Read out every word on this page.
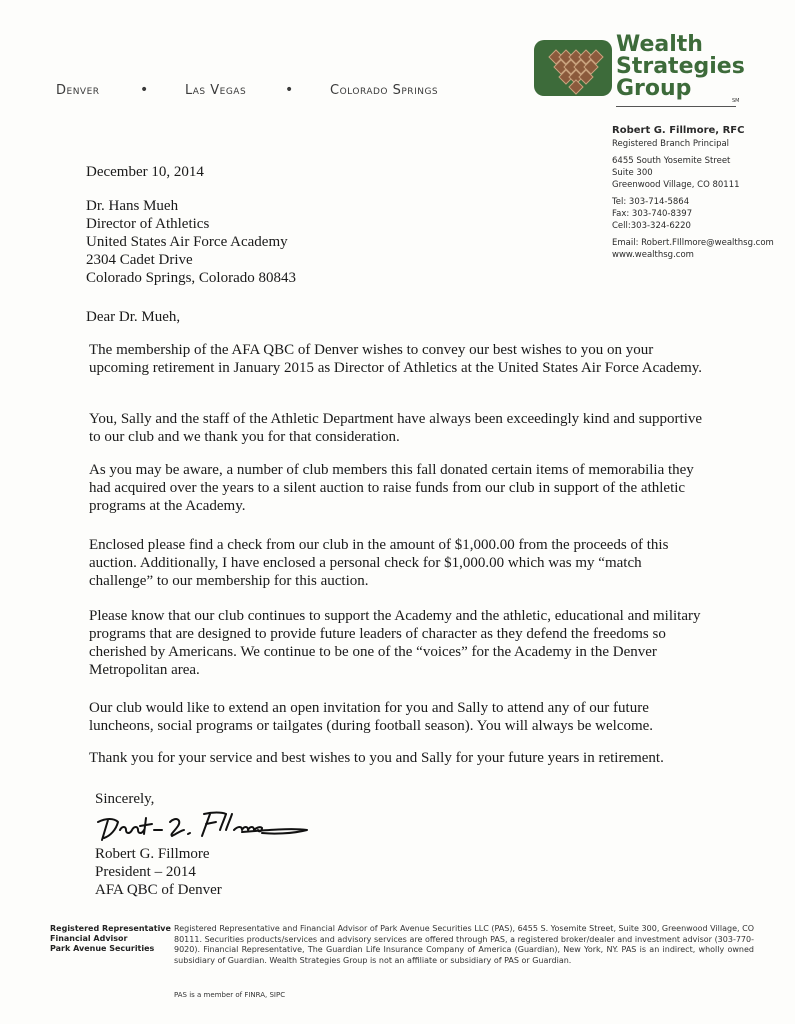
Denver	•	Las Vegas	•	Colorado Springs
Wealth
Strategies
Group	SM
Robert G. Fillmore, RFC
Registered Branch Principal
6455 South Yosemite Street
Suite 300
Greenwood Village, CO 80111
Tel: 303-714-5864
Fax: 303-740-8397
Cell:303-324-6220
Email: Robert.FIllmore@wealthsg.com
www.wealthsg.com
December 10, 2014
Dr. Hans Mueh
Director of Athletics
United States Air Force Academy
2304 Cadet Drive
Colorado Springs, Colorado 80843
Dear Dr. Mueh,
The membership of the AFA QBC of Denver wishes to convey our best wishes to you on your upcoming retirement in January 2015 as Director of Athletics at the United States Air Force Academy.
You, Sally and the staff of the Athletic Department have always been exceedingly kind and supportive to our club and we thank you for that consideration.
As you may be aware, a number of club members this fall donated certain items of memorabilia they had acquired over the years to a silent auction to raise funds from our club in support of the athletic programs at the Academy.
Enclosed please find a check from our club in the amount of $1,000.00 from the proceeds of this auction. Additionally, I have enclosed a personal check for $1,000.00 which was my “match challenge” to our membership for this auction.
Please know that our club continues to support the Academy and the athletic, educational and military programs that are designed to provide future leaders of character as they defend the freedoms so cherished by Americans. We continue to be one of the “voices” for the Academy in the Denver Metropolitan area.
Our club would like to extend an open invitation for you and Sally to attend any of our future luncheons, social programs or tailgates (during football season). You will always be welcome.
Thank you for your service and best wishes to you and Sally for your future years in retirement.
Sincerely,
Robert G. Fillmore
President – 2014
AFA QBC of Denver
Registered Representative
Financial Advisor
Park Avenue Securities
Registered Representative and Financial Advisor of Park Avenue Securities LLC (PAS), 6455 S. Yosemite Street, Suite 300, Greenwood Village, CO 80111. Securities products/services and advisory services are offered through PAS, a registered broker/dealer and investment advisor (303-770-9020). Financial Representative, The Guardian Life Insurance Company of America (Guardian), New York, NY. PAS is an indirect, wholly owned subsidiary of Guardian. Wealth Strategies Group is not an affiliate or subsidiary of PAS or Guardian.
PAS is a member of FINRA, SIPC
